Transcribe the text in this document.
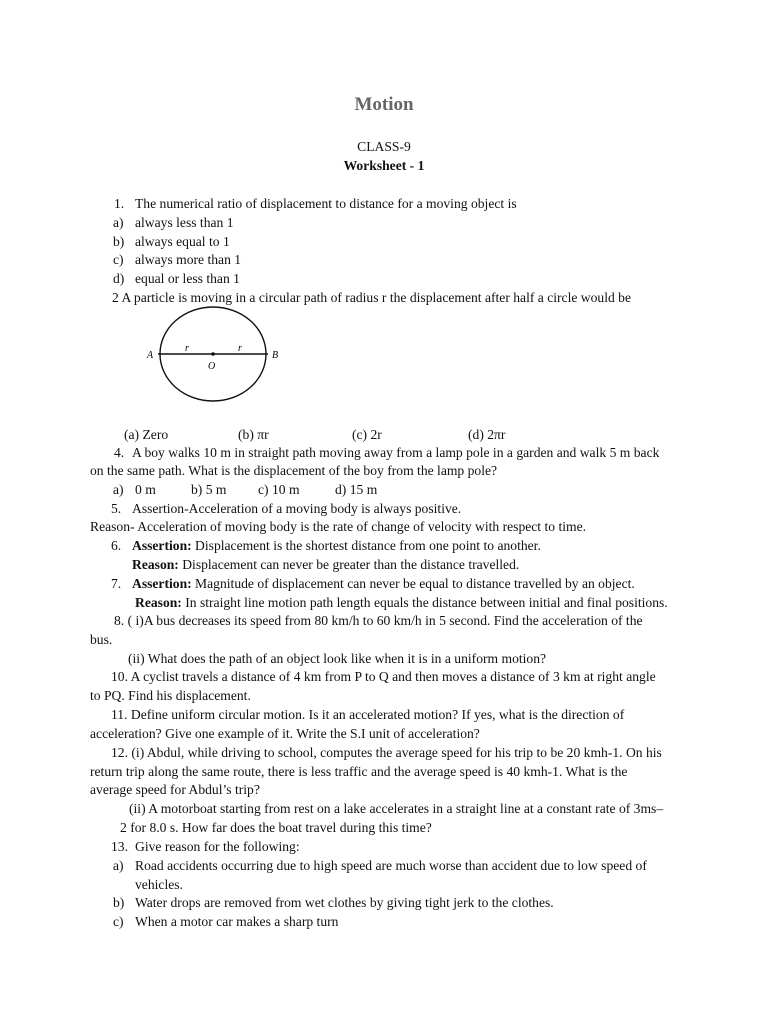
Motion
CLASS-9
Worksheet - 1
1. The numerical ratio of displacement to distance for a moving object is
a) always less than 1
b) always equal to 1
c) always more than 1
d) equal or less than 1
2 A particle is moving in a circular path of radius r the displacement after half a circle would be
A	B
O
r	r
(a) Zero	(b) πr	(c) 2r	(d) 2πr
4. A boy walks 10 m in straight path moving away from a lamp pole in a garden and walk 5 m back
on the same path. What is the displacement of the boy from the lamp pole?
a) 0 m	b) 5 m c) 10 m	d) 15 m
5. Assertion-Acceleration of a moving body is always positive.
Reason- Acceleration of moving body is the rate of change of velocity with respect to time.
6. Assertion: Displacement is the shortest distance from one point to another.
Reason: Displacement can never be greater than the distance travelled.
7. Assertion: Magnitude of displacement can never be equal to distance travelled by an object.
Reason: In straight line motion path length equals the distance between initial and final positions.
8. ( i)A bus decreases its speed from 80 km/h to 60 km/h in 5 second. Find the acceleration of the
bus.
(ii) What does the path of an object look like when it is in a uniform motion?
10. A cyclist travels a distance of 4 km from P to Q and then moves a distance of 3 km at right angle
to PQ. Find his displacement.
11. Define uniform circular motion. Is it an accelerated motion? If yes, what is the direction of
acceleration? Give one example of it. Write the S.I unit of acceleration?
12. (i) Abdul, while driving to school, computes the average speed for his trip to be 20 kmh-1. On his
return trip along the same route, there is less traffic and the average speed is 40 kmh-1. What is the
average speed for Abdul’s trip?
(ii) A motorboat starting from rest on a lake accelerates in a straight line at a constant rate of 3ms–
2 for 8.0 s. How far does the boat travel during this time?
13. Give reason for the following:
a) Road accidents occurring due to high speed are much worse than accident due to low speed of
vehicles.
b) Water drops are removed from wet clothes by giving tight jerk to the clothes.
c) When a motor car makes a sharp turn
